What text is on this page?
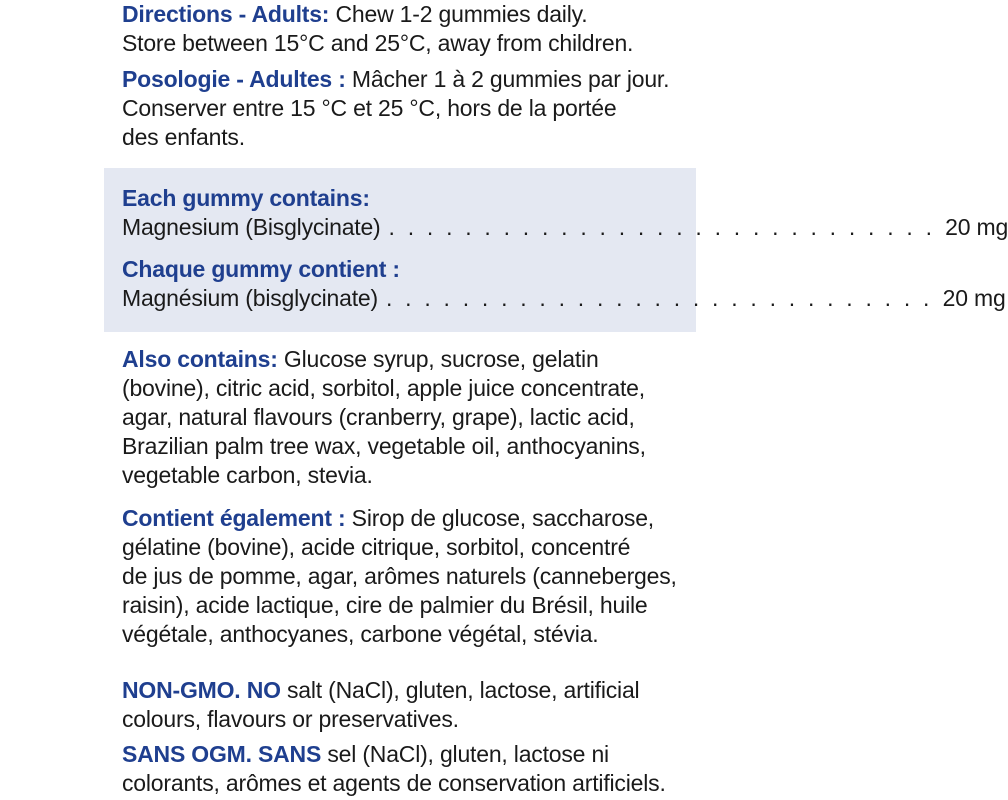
Directions - Adults: Chew 1-2 gummies daily.
Store between 15°C and 25°C, away from children.
Posologie - Adultes : Mâcher 1 à 2 gummies par jour.
Conserver entre 15 °C et 25 °C, hors de la portée
des enfants.
Each gummy contains:
Magnesium (Bisglycinate) . . . . . . . . . . . . . . . . . . . . . . . . . . . . . 20 mg
Chaque gummy contient :
Magnésium (bisglycinate) . . . . . . . . . . . . . . . . . . . . . . . . . . . . . 20 mg
Also contains: Glucose syrup, sucrose, gelatin
(bovine), citric acid, sorbitol, apple juice concentrate,
agar, natural flavours (cranberry, grape), lactic acid,
Brazilian palm tree wax, vegetable oil, anthocyanins,
vegetable carbon, stevia.
Contient également : Sirop de glucose, saccharose,
gélatine (bovine), acide citrique, sorbitol, concentré
de jus de pomme, agar, arômes naturels (canneberges,
raisin), acide lactique, cire de palmier du Brésil, huile
végétale, anthocyanes, carbone végétal, stévia.
NON-GMO. NO salt (NaCl), gluten, lactose, artificial
colours, flavours or preservatives.
SANS OGM. SANS sel (NaCl), gluten, lactose ni
colorants, arômes et agents de conservation artificiels.
